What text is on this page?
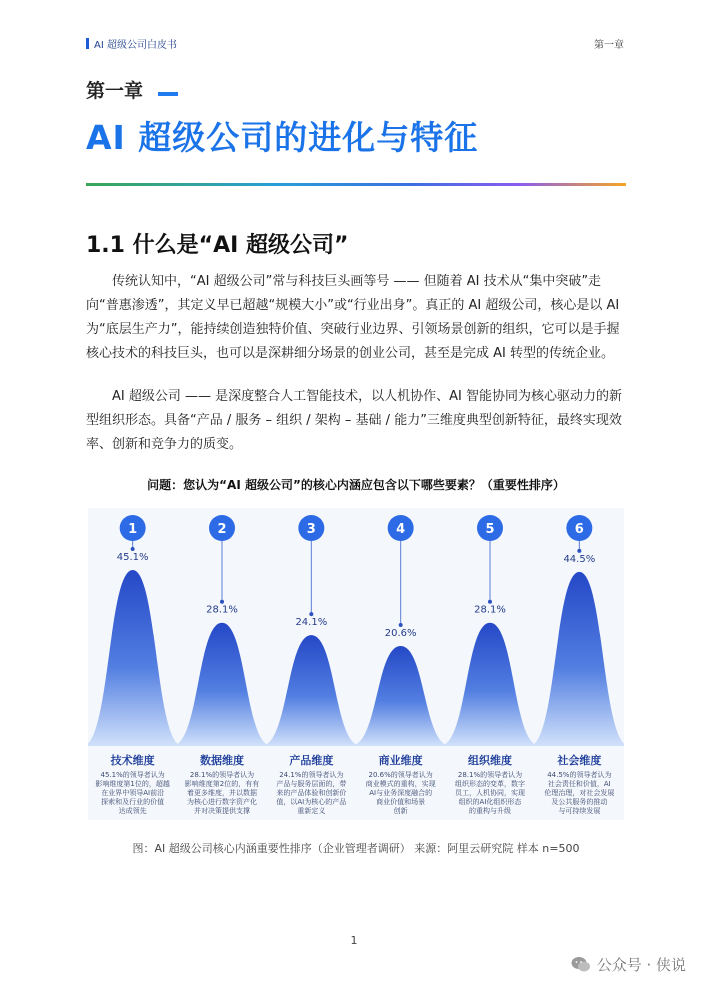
AI 超级公司白皮书	第一章
第一章
AI 超级公司的进化与特征
1.1 什么是“AI 超级公司”
传统认知中，“AI 超级公司”常与科技巨头画等号 —— 但随着 AI 技术从“集中突破”走向“普惠渗透”，其定义早已超越“规模大小”或“行业出身”。真正的 AI 超级公司，核心是以 AI 为“底层生产力”，能持续创造独特价值、突破行业边界、引领场景创新的组织，它可以是手握核心技术的科技巨头，也可以是深耕细分场景的创业公司，甚至是完成 AI 转型的传统企业。
AI 超级公司 —— 是深度整合人工智能技术，以人机协作、AI 智能协同为核心驱动力的新型组织形态。具备“产品 / 服务 – 组织 / 架构 – 基础 / 能力”三维度典型创新特征，最终实现效率、创新和竞争力的质变。
问题：您认为“AI 超级公司”的核心内涵应包含以下哪些要素？（重要性排序）
1
45.1%
技术维度
45.1%的领导者认为
影响维度第1位的，超越
在业界中领导AI前沿
探索和及行业的价值
达成领先
2
28.1%
数据维度
28.1%的领导者认为
影响维度第2位的，有有
着更多维度，并以数据
为核心进行数字资产化
并对决策提供支撑
3
24.1%
产品维度
24.1%的领导者认为
产品与服务层面的，带
来的产品体验和创新价
值，以AI为核心的产品
重新定义
4
20.6%
商业维度
20.6%的领导者认为
商业模式的重构，实现
AI与业务深度融合的
商业价值和场景
创新
5
28.1%
组织维度
28.1%的领导者认为
组织形态的变革，数字
员工，人机协同，实现
组织的AI化组织形态
的重构与升级
6
44.5%
社会维度
44.5%的领导者认为
社会责任和价值，AI
伦理治理，对社会发展
及公共服务的推动
与可持续发展
图：AI 超级公司核心内涵重要性排序（企业管理者调研） 来源：阿里云研究院 样本 n=500
1
公众号 · 侠说
